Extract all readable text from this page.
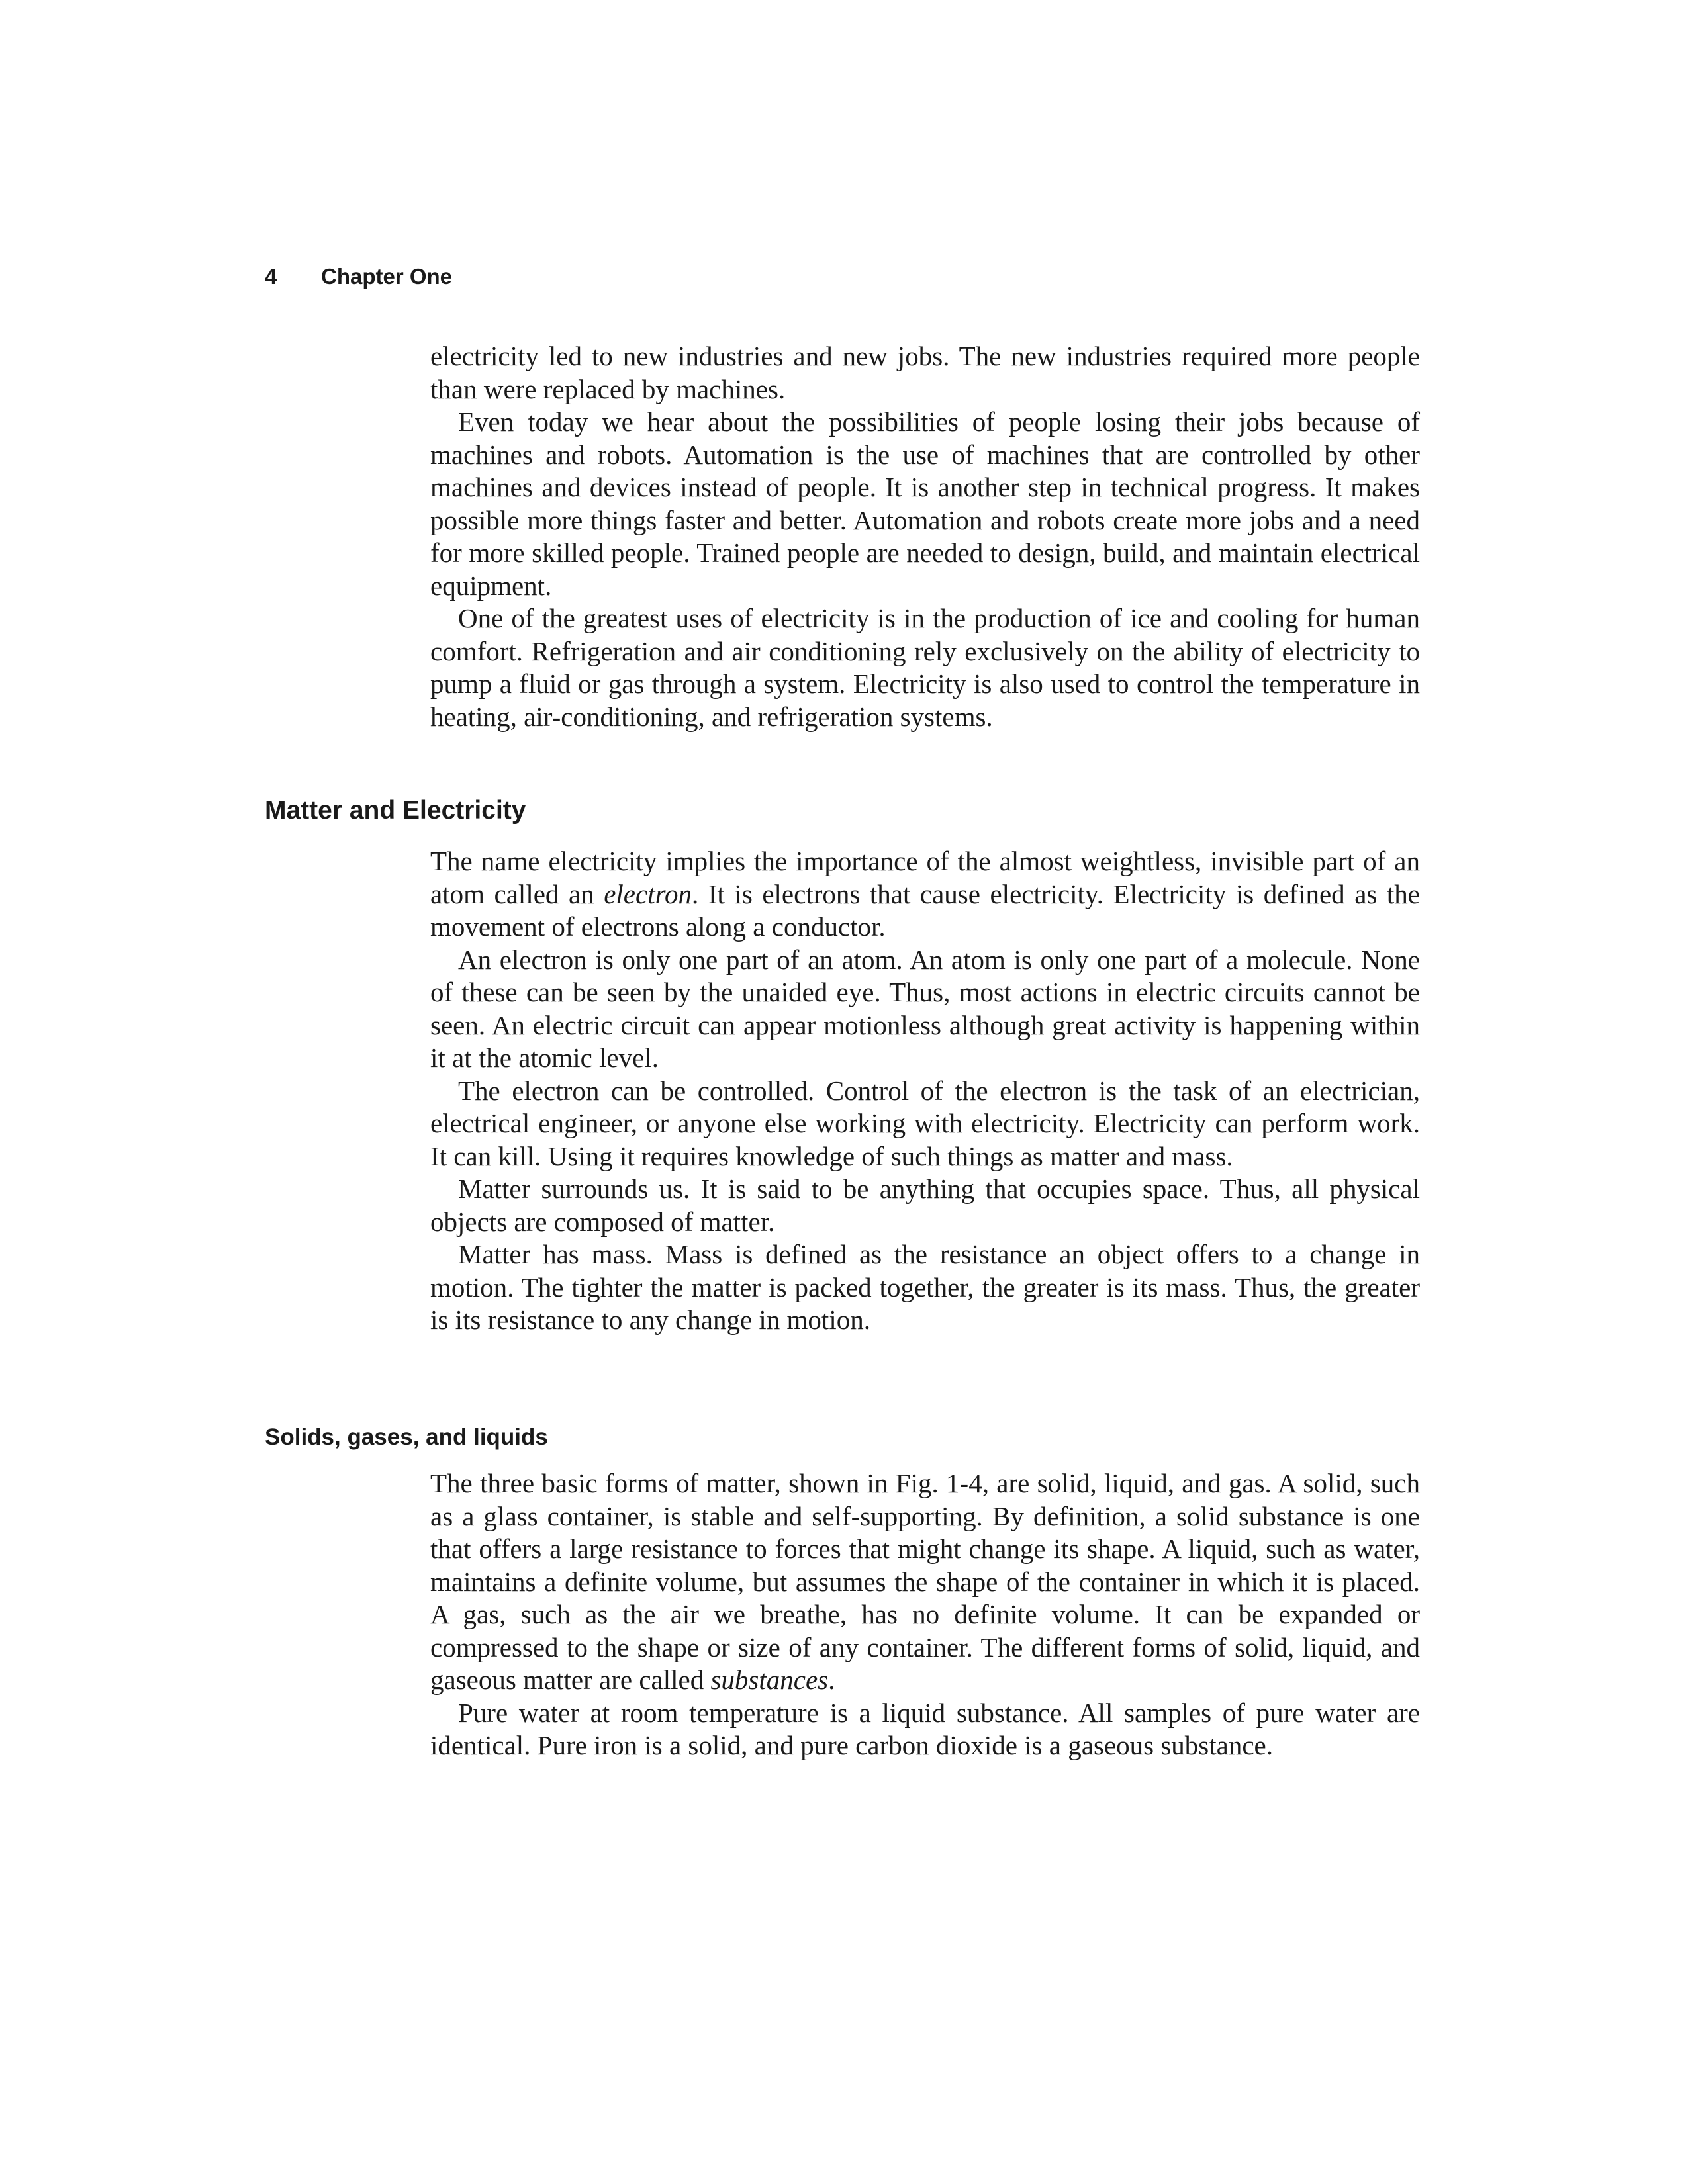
4 Chapter One

electricity led to new industries and new jobs. The new industries required more people than were replaced by machines.

Even today we hear about the possibilities of people losing their jobs because of machines and robots. Automation is the use of machines that are controlled by other machines and devices instead of people. It is another step in technical progress. It makes possible more things faster and better. Automation and robots create more jobs and a need for more skilled people. Trained people are needed to design, build, and maintain electrical equipment.

One of the greatest uses of electricity is in the production of ice and cooling for human comfort. Refrigeration and air conditioning rely exclusively on the ability of electricity to pump a fluid or gas through a system. Electricity is also used to control the temperature in heating, air-conditioning, and refrigeration systems.

Matter and Electricity

The name electricity implies the importance of the almost weightless, invisible part of an atom called an electron. It is electrons that cause electricity. Electricity is defined as the movement of electrons along a conductor.

An electron is only one part of an atom. An atom is only one part of a molecule. None of these can be seen by the unaided eye. Thus, most actions in electric circuits cannot be seen. An electric circuit can appear motionless although great activity is happening within it at the atomic level.

The electron can be controlled. Control of the electron is the task of an electrician, electrical engineer, or anyone else working with electricity. Electricity can perform work. It can kill. Using it requires knowledge of such things as matter and mass.

Matter surrounds us. It is said to be anything that occupies space. Thus, all physical objects are composed of matter.

Matter has mass. Mass is defined as the resistance an object offers to a change in motion. The tighter the matter is packed together, the greater is its mass. Thus, the greater is its resistance to any change in motion.

Solids, gases, and liquids

The three basic forms of matter, shown in Fig. 1-4, are solid, liquid, and gas. A solid, such as a glass container, is stable and self-supporting. By definition, a solid substance is one that offers a large resistance to forces that might change its shape. A liquid, such as water, maintains a definite volume, but assumes the shape of the container in which it is placed. A gas, such as the air we breathe, has no definite volume. It can be expanded or compressed to the shape or size of any container. The different forms of solid, liquid, and gaseous matter are called substances.

Pure water at room temperature is a liquid substance. All samples of pure water are identical. Pure iron is a solid, and pure carbon dioxide is a gaseous substance.
